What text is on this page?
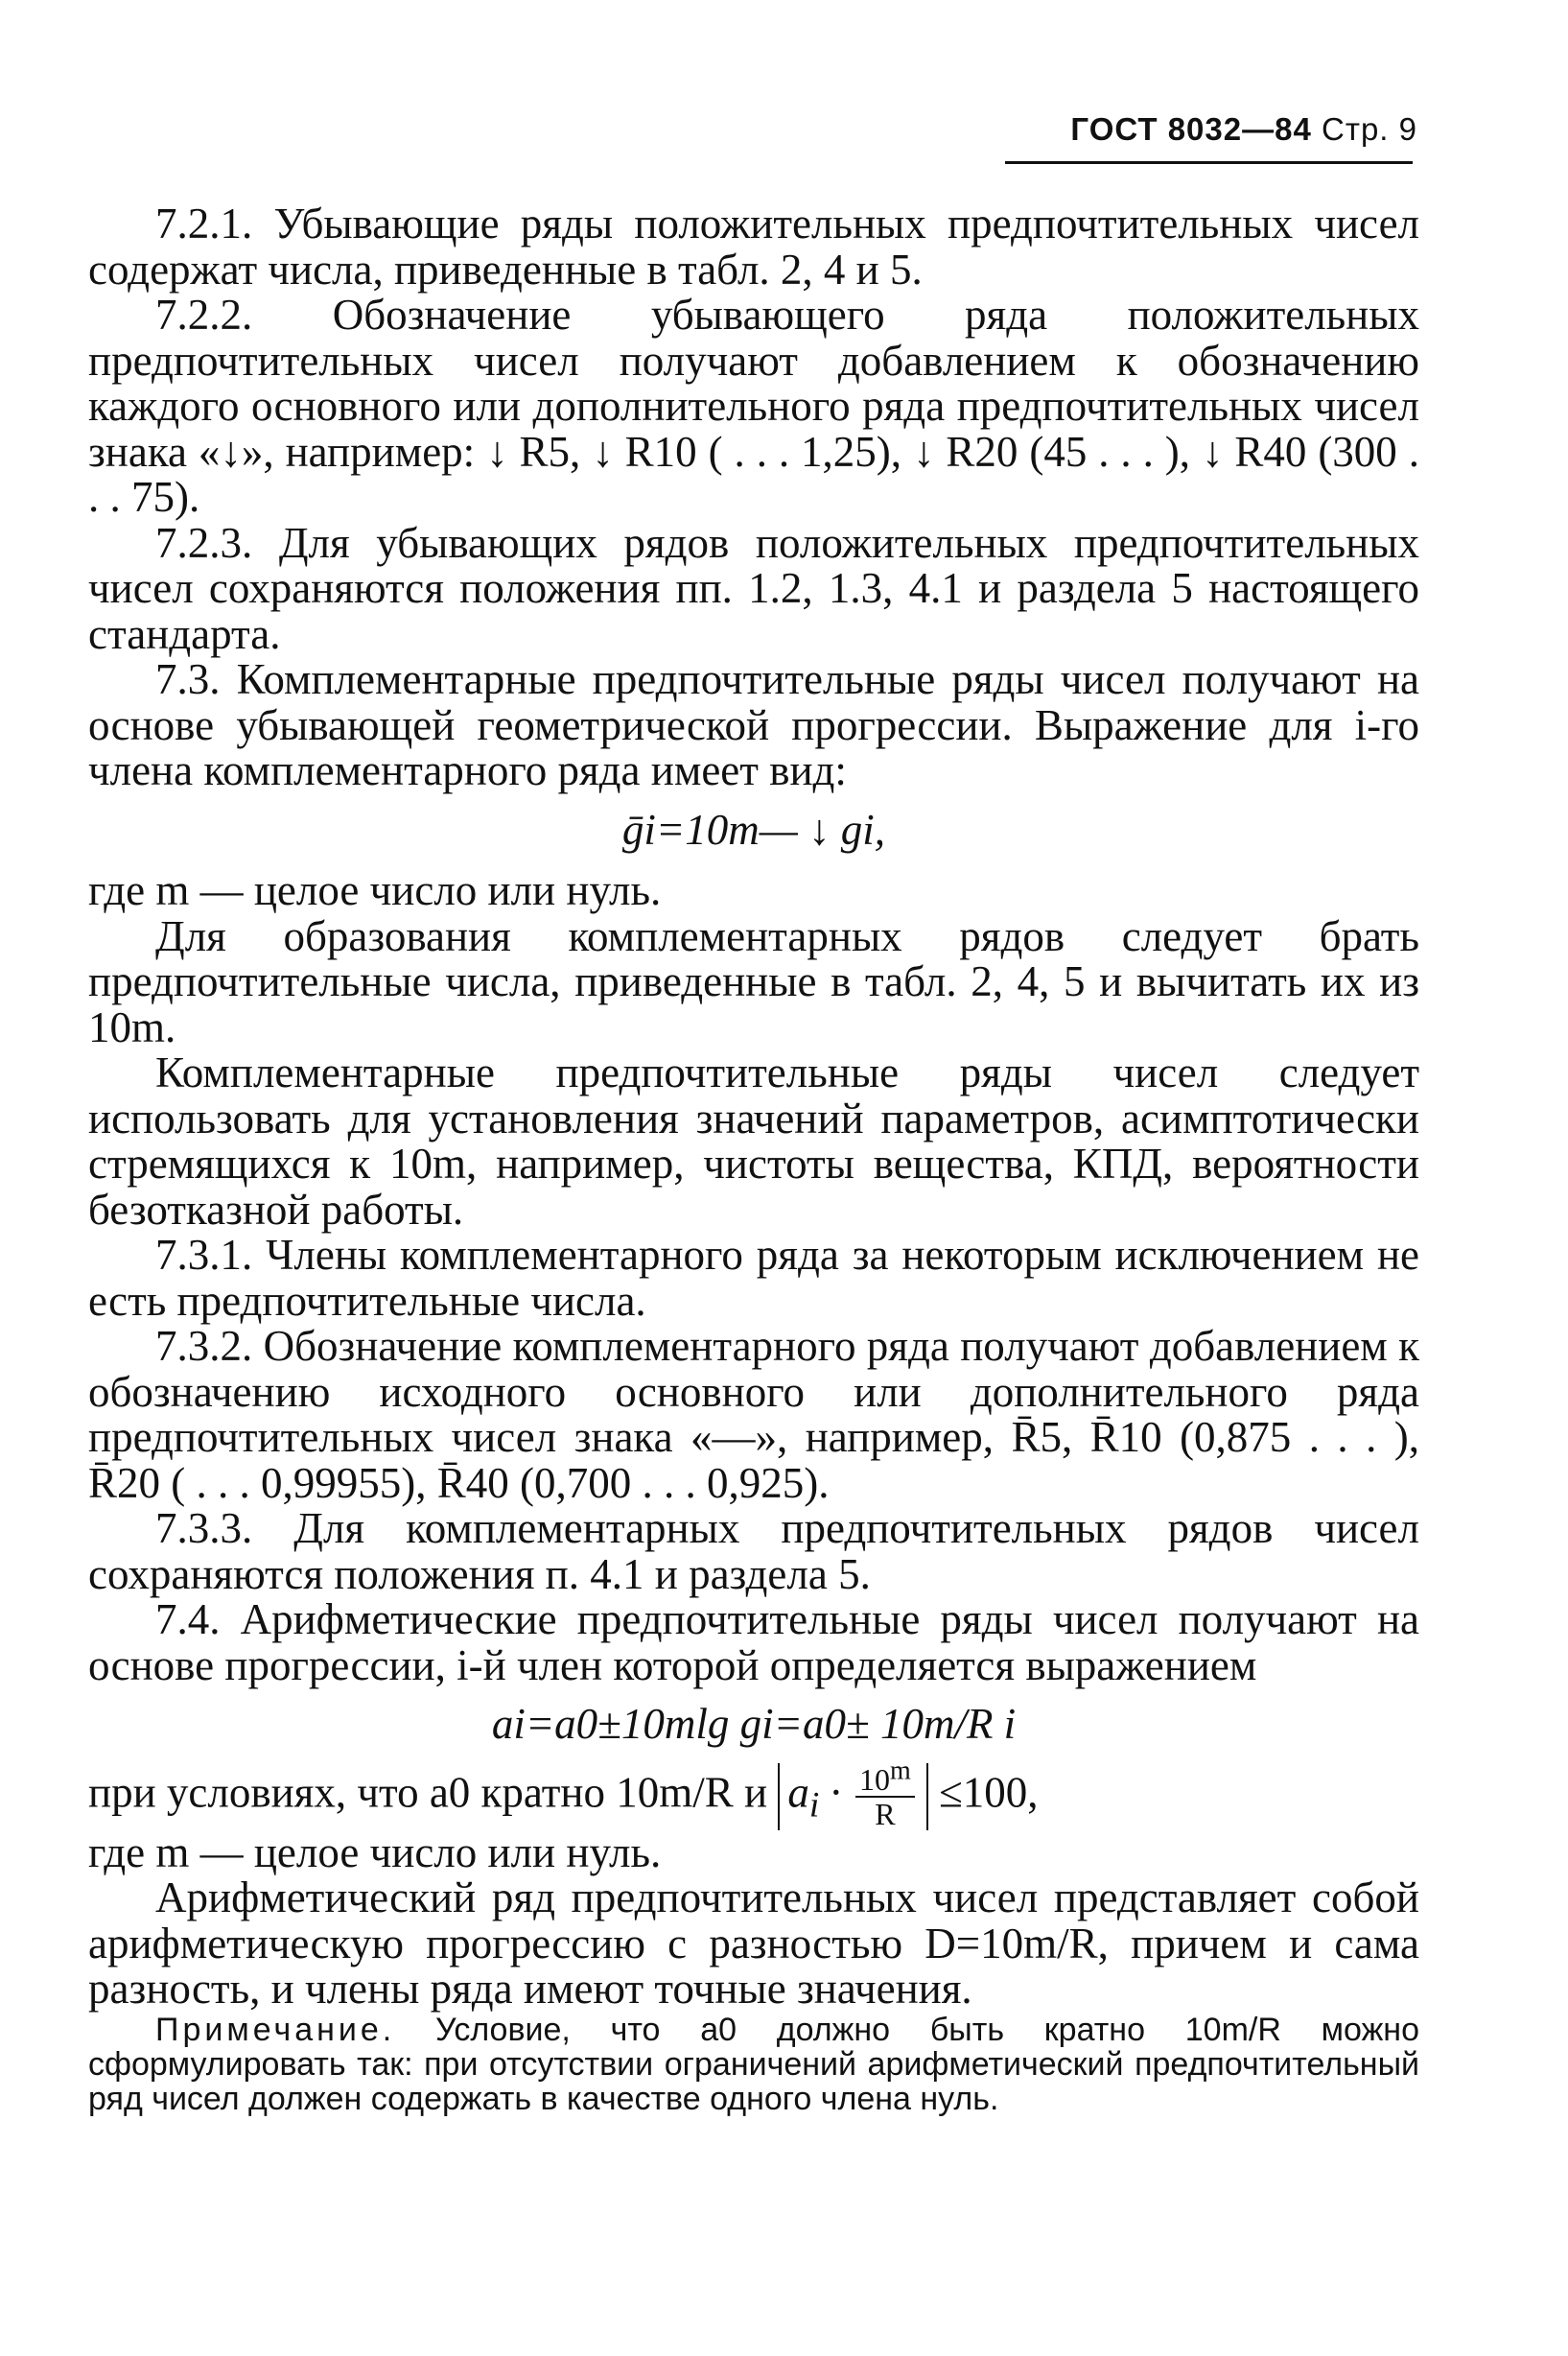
ГОСТ 8032—84 Стр. 9

7.2.1. Убывающие ряды положительных предпочтительных чисел содержат числа, приведенные в табл. 2, 4 и 5.

7.2.2. Обозначение убывающего ряда положительных предпочтительных чисел получают добавлением к обозначению каждого основного или дополнительного ряда предпочтительных чисел знака «↓», например: ↓ R5, ↓ R10 ( . . . 1,25), ↓ R20 (45 . . . ), ↓ R40 (300 . . . 75).

7.2.3. Для убывающих рядов положительных предпочтительных чисел сохраняются положения пп. 1.2, 1.3, 4.1 и раздела 5 настоящего стандарта.

7.3. Комплементарные предпочтительные ряды чисел получают на основе убывающей геометрической прогрессии. Выражение для i-го члена комплементарного ряда имеет вид:

ḡi=10m— ↓ gi,

где m — целое число или нуль.

Для образования комплементарных рядов следует брать предпочтительные числа, приведенные в табл. 2, 4, 5 и вычитать их из 10m.

Комплементарные предпочтительные ряды чисел следует использовать для установления значений параметров, асимптотически стремящихся к 10m, например, чистоты вещества, КПД, вероятности безотказной работы.

7.3.1. Члены комплементарного ряда за некоторым исключением не есть предпочтительные числа.

7.3.2. Обозначение комплементарного ряда получают добавлением к обозначению исходного основного или дополнительного ряда предпочтительных чисел знака «—», например, R̄5, R̄10 (0,875 . . . ), R̄20 ( . . . 0,99955), R̄40 (0,700 . . . 0,925).

7.3.3. Для комплементарных предпочтительных рядов чисел сохраняются положения п. 4.1 и раздела 5.

7.4. Арифметические предпочтительные ряды чисел получают на основе прогрессии, i-й член которой определяется выражением

ai=a0±10mlg gi=a0± 10m/R i

при условиях, что a0 кратно 10m/R и $a_i \cdot \frac{10^m}{R} \le 100$,

где m — целое число или нуль.

Арифметический ряд предпочтительных чисел представляет собой арифметическую прогрессию с разностью D=10m/R, причем и сама разность, и члены ряда имеют точные значения.

Примечание. Условие, что a0 должно быть кратно 10m/R можно сформулировать так: при отсутствии ограничений арифметический предпочтительный ряд чисел должен содержать в качестве одного члена нуль.
